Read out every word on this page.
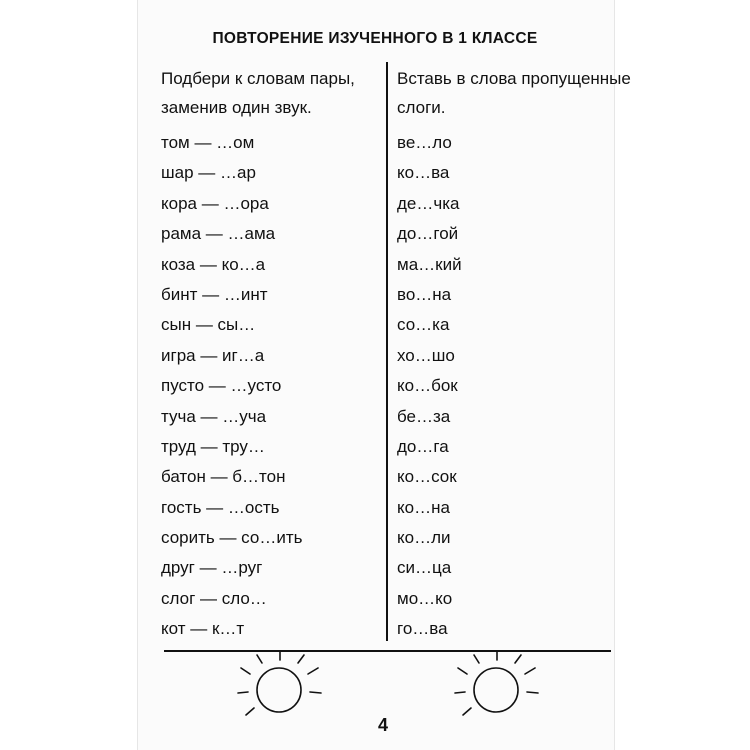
ПОВТОРЕНИЕ ИЗУЧЕННОГО В 1 КЛАССЕ
Подбери к словам пары,
заменив один звук.
том — …ом
шар — …ар
кора — …ора
рама — …ама
коза — ко…а
бинт — …инт
сын — сы…
игра — иг…а
пусто — …усто
туча — …уча
труд — тру…
батон — б…тон
гость — …ость
сорить — со…ить
друг — …руг
слог — сло…
кот — к…т
Вставь в слова пропущенные
слоги.
ве…ло
ко…ва
де…чка
до…гой
ма…кий
во…на
со…ка
хо…шо
ко…бок
бе…за
до…га
ко…сок
ко…на
ко…ли
си…ца
мо…ко
го…ва
4
